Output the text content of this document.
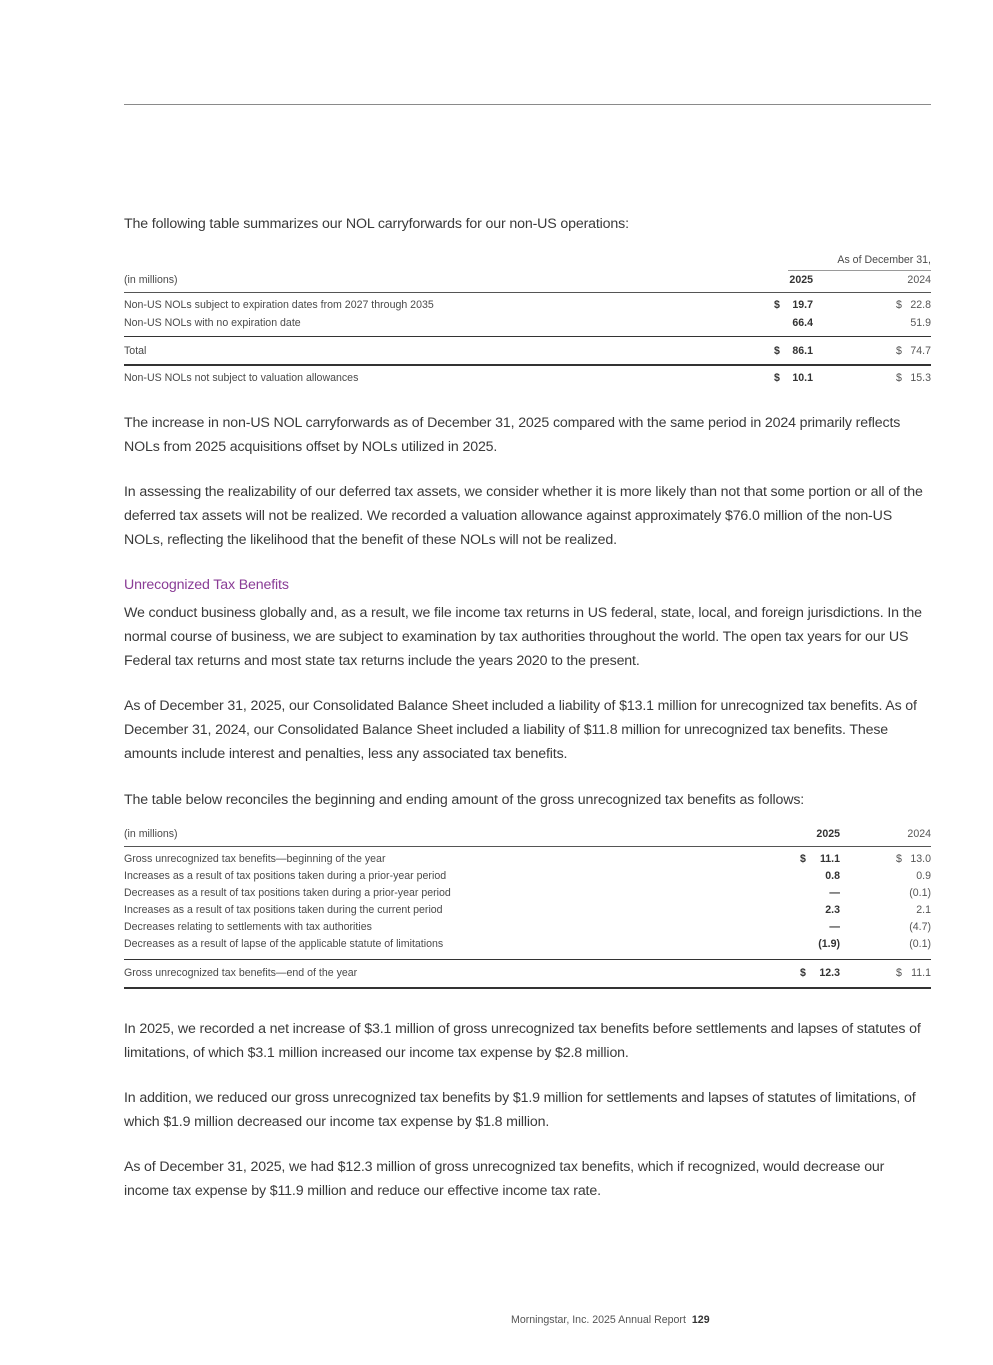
The following table summarizes our NOL carryforwards for our non-US operations:

As of December 31,
(in millions)	2025	2024
Non-US NOLs subject to expiration dates from 2027 through 2035	$	19.7	$ 22.8
Non-US NOLs with no expiration date	66.4	51.9
Total	$	86.1	$ 74.7
Non-US NOLs not subject to valuation allowances	$	10.1	$ 15.3

The increase in non-US NOL carryforwards as of December 31, 2025 compared with the same period in 2024 primarily reflects NOLs from 2025 acquisitions offset by NOLs utilized in 2025.

In assessing the realizability of our deferred tax assets, we consider whether it is more likely than not that some portion or all of the deferred tax assets will not be realized. We recorded a valuation allowance against approximately $76.0 million of the non-US NOLs, reflecting the likelihood that the benefit of these NOLs will not be realized.

Unrecognized Tax Benefits

We conduct business globally and, as a result, we file income tax returns in US federal, state, local, and foreign jurisdictions. In the normal course of business, we are subject to examination by tax authorities throughout the world. The open tax years for our US Federal tax returns and most state tax returns include the years 2020 to the present.

As of December 31, 2025, our Consolidated Balance Sheet included a liability of $13.1 million for unrecognized tax benefits. As of December 31, 2024, our Consolidated Balance Sheet included a liability of $11.8 million for unrecognized tax benefits. These amounts include interest and penalties, less any associated tax benefits.

The table below reconciles the beginning and ending amount of the gross unrecognized tax benefits as follows:

(in millions)	2025	2024
Gross unrecognized tax benefits—beginning of the year	$	11.1	$ 13.0
Increases as a result of tax positions taken during a prior-year period	0.8	0.9
Decreases as a result of tax positions taken during a prior-year period	—	(0.1)
Increases as a result of tax positions taken during the current period	2.3	2.1
Decreases relating to settlements with tax authorities	—	(4.7)
Decreases as a result of lapse of the applicable statute of limitations	(1.9)	(0.1)
Gross unrecognized tax benefits—end of the year	$	12.3	$ 11.1

In 2025, we recorded a net increase of $3.1 million of gross unrecognized tax benefits before settlements and lapses of statutes of limitations, of which $3.1 million increased our income tax expense by $2.8 million.

In addition, we reduced our gross unrecognized tax benefits by $1.9 million for settlements and lapses of statutes of limitations, of which $1.9 million decreased our income tax expense by $1.8 million.

As of December 31, 2025, we had $12.3 million of gross unrecognized tax benefits, which if recognized, would decrease our income tax expense by $11.9 million and reduce our effective income tax rate.

Morningstar, Inc. 2025 Annual Report 129
